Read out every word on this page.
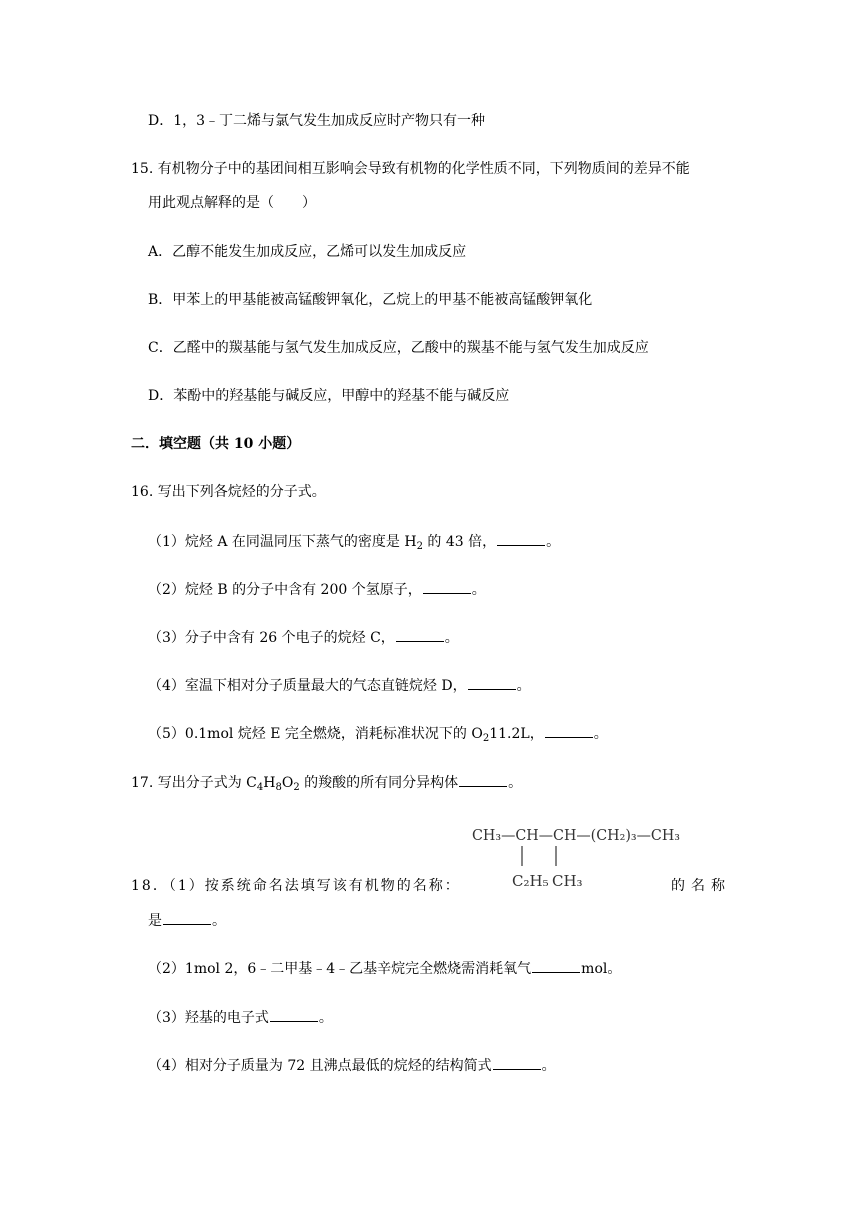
D．1，3﹣丁二烯与氯气发生加成反应时产物只有一种
15. 有机物分子中的基团间相互影响会导致有机物的化学性质不同，下列物质间的差异不能
用此观点解释的是（　　）
A．乙醇不能发生加成反应，乙烯可以发生加成反应
B．甲苯上的甲基能被高锰酸钾氧化，乙烷上的甲基不能被高锰酸钾氧化
C．乙醛中的羰基能与氢气发生加成反应，乙酸中的羰基不能与氢气发生加成反应
D．苯酚中的羟基能与碱反应，甲醇中的羟基不能与碱反应
二．填空题（共 10 小题）
16. 写出下列各烷烃的分子式。
（1）烷烃 A 在同温同压下蒸气的密度是 $H_2$ 的 43 倍，	。
（2）烷烃 B 的分子中含有 200 个氢原子，	。
（3）分子中含有 26 个电子的烷烃 C，	。
（4）室温下相对分子质量最大的气态直链烷烃 D，	。
（5）0.1mol 烷烃 E 完全燃烧，消耗标准状况下的 $O_211.2L$，	。
17. 写出分子式为 $C_4H_8O_2$ 的羧酸的所有同分异构体	。
CH₃—CH—CH—(CH₂)₃—CH₃
C₂H₅ CH₃
18．（1）按系统命名法填写该有机物的名称：	的名称
是	。
（2）1mol 2，6﹣二甲基﹣4﹣乙基辛烷完全燃烧需消耗氧气	mol。
（3）羟基的电子式	。
（4）相对分子质量为 72 且沸点最低的烷烃的结构简式	。
